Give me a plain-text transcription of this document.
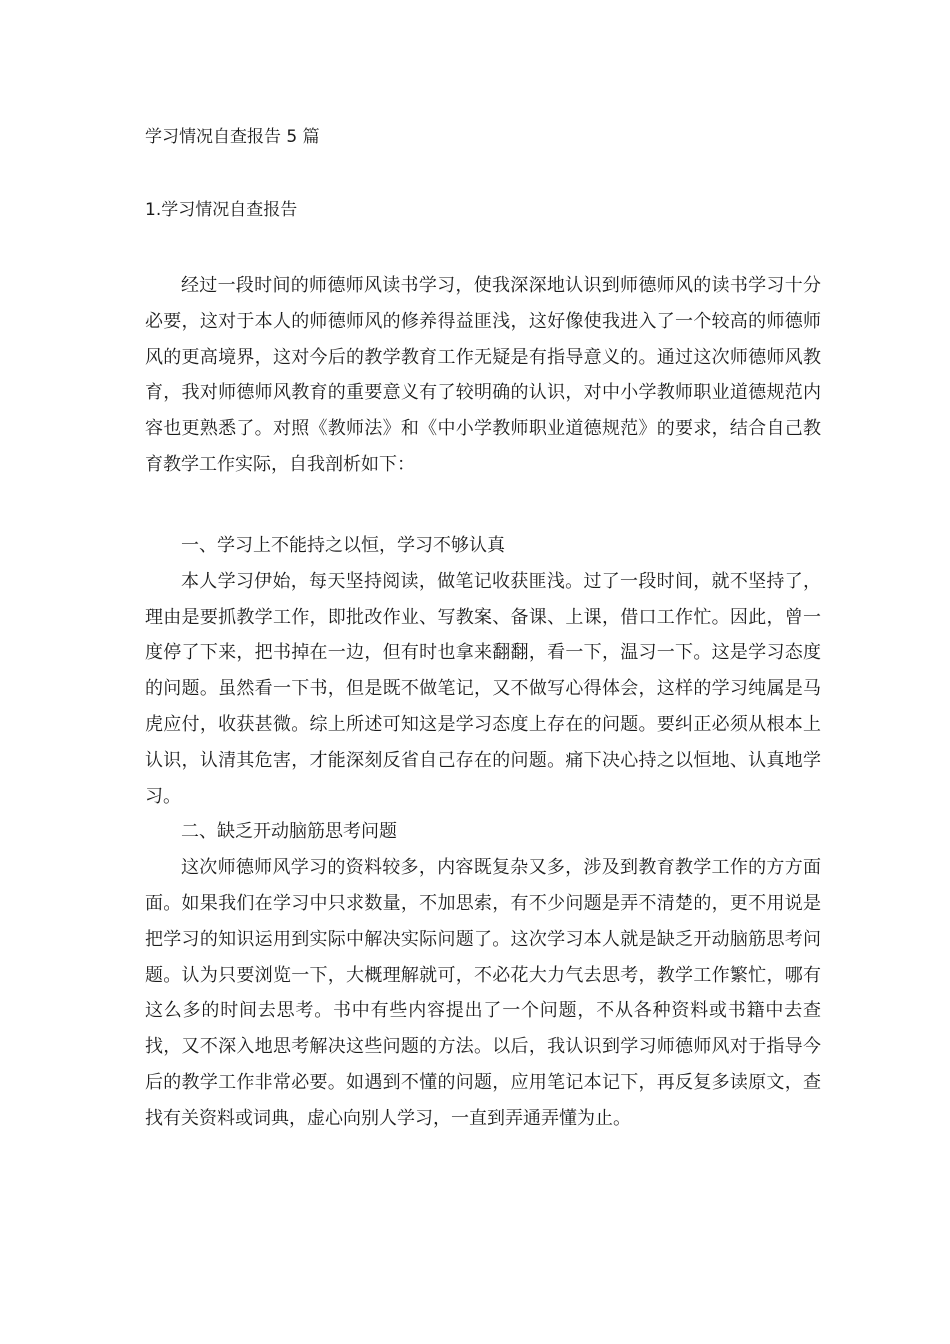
学习情况自查报告 5 篇
1.学习情况自查报告

经过一段时间的师德师风读书学习，使我深深地认识到师德师风的读书学习十分必要，这对于本人的师德师风的修养得益匪浅，这好像使我进入了一个较高的师德师风的更高境界，这对今后的教学教育工作无疑是有指导意义的。通过这次师德师风教育，我对师德师风教育的重要意义有了较明确的认识，对中小学教师职业道德规范内容也更熟悉了。对照《教师法》和《中小学教师职业道德规范》的要求，结合自己教育教学工作实际，自我剖析如下：

一、学习上不能持之以恒，学习不够认真

本人学习伊始，每天坚持阅读，做笔记收获匪浅。过了一段时间，就不坚持了，理由是要抓教学工作，即批改作业、写教案、备课、上课，借口工作忙。因此，曾一度停了下来，把书掉在一边，但有时也拿来翻翻，看一下，温习一下。这是学习态度的问题。虽然看一下书，但是既不做笔记，又不做写心得体会，这样的学习纯属是马虎应付，收获甚微。综上所述可知这是学习态度上存在的问题。要纠正必须从根本上认识，认清其危害，才能深刻反省自己存在的问题。痛下决心持之以恒地、认真地学习。

二、缺乏开动脑筋思考问题

这次师德师风学习的资料较多，内容既复杂又多，涉及到教育教学工作的方方面面。如果我们在学习中只求数量，不加思索，有不少问题是弄不清楚的，更不用说是把学习的知识运用到实际中解决实际问题了。这次学习本人就是缺乏开动脑筋思考问题。认为只要浏览一下，大概理解就可，不必花大力气去思考，教学工作繁忙，哪有这么多的时间去思考。书中有些内容提出了一个问题，不从各种资料或书籍中去查找，又不深入地思考解决这些问题的方法。以后，我认识到学习师德师风对于指导今后的教学工作非常必要。如遇到不懂的问题，应用笔记本记下，再反复多读原文，查找有关资料或词典，虚心向别人学习，一直到弄通弄懂为止。
